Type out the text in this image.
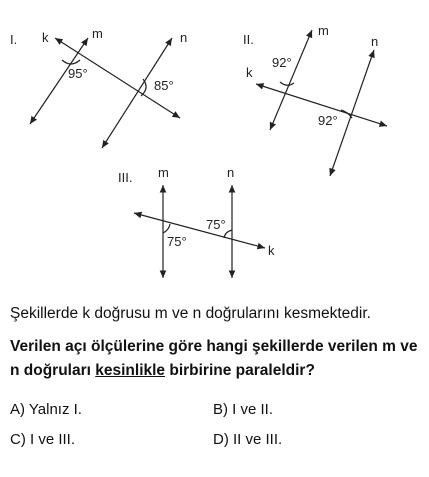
I. k	m	n
95°
85°
II.
m
n
k
92°
92°
III. m	n
k
75°
75°
Şekillerde k doğrusu m ve n doğrularını kesmektedir.
Verilen açı ölçülerine göre hangi şekillerde verilen m ve n doğruları kesinlikle birbirine paraleldir?
A) Yalnız I.	B) I ve II.
C) I ve III.	D) II ve III.
